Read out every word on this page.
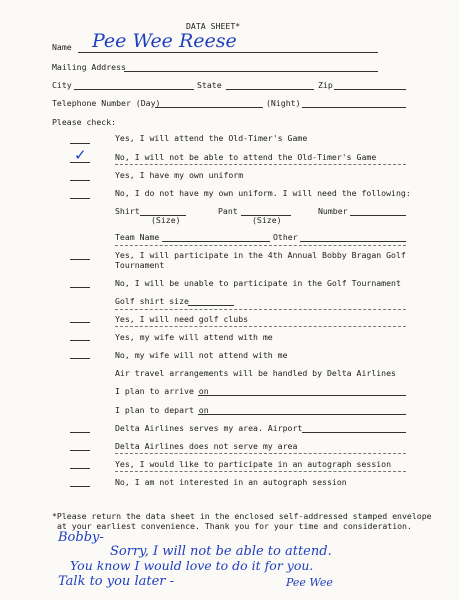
DATA SHEET*
Name Pee Wee Reese
Mailing Address
City	State	Zip
Telephone Number (Day)	(Night)
Please check:
Yes, I will attend the Old-Timer's Game
✓	No, I will not be able to attend the Old-Timer's Game
Yes, I have my own uniform
No, I do not have my own uniform. I will need the following:
Shirt
(Size)
Pant
(Size)
Number
Team Name	Other
Yes, I will participate in the 4th Annual Bobby Bragan Golf
Tournament
No, I will be unable to participate in the Golf Tournament
Golf shirt size
Yes, I will need golf clubs
Yes, my wife will attend with me
No, my wife will not attend with me
Air travel arrangements will be handled by Delta Airlines
I plan to arrive on
I plan to depart on
Delta Airlines serves my area. Airport
Delta Airlines does not serve my area
Yes, I would like to participate in an autograph session
No, I am not interested in an autograph session
*Please return the data sheet in the enclosed self-addressed stamped envelope
at your earliest convenience. Thank you for your time and consideration.
Bobby-
Sorry, I will not be able to attend.
You know I would love to do it for you.
Talk to you later -	Pee Wee
